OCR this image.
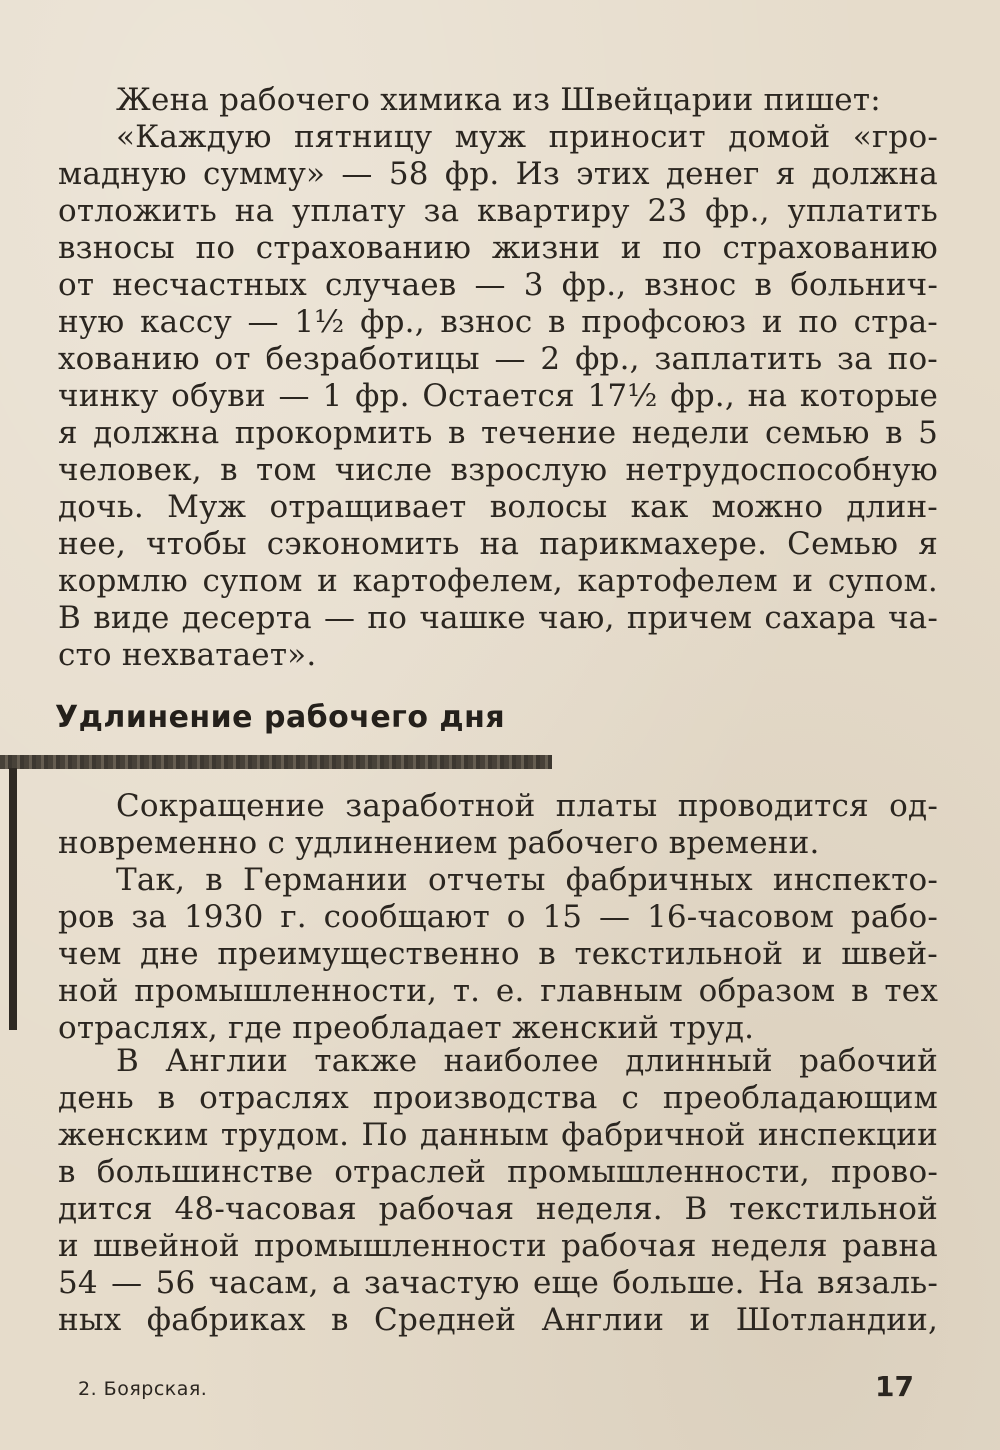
Жена рабочего химика из Швейцарии пишет:
«Каждую пятницу муж приносит домой «гро-
мадную сумму» — 58 фр. Из этих денег я должна
отложить на уплату за квартиру 23 фр., уплатить
взносы по страхованию жизни и по страхованию
от несчастных случаев — 3 фр., взнос в больнич-
ную кассу — 1½ фр., взнос в профсоюз и по стра-
хованию от безработицы — 2 фр., заплатить за по-
чинку обуви — 1 фр. Остается 17½ фр., на которые
я должна прокормить в течение недели семью в 5
человек, в том числе взрослую нетрудоспособную
дочь. Муж отращивает волосы как можно длин-
нее, чтобы сэкономить на парикмахере. Семью я
кормлю супом и картофелем, картофелем и супом.
В виде десерта — по чашке чаю, причем сахара ча-
сто нехватает».
Удлинение рабочего дня
Сокращение заработной платы проводится од-
новременно с удлинением рабочего времени.
Так, в Германии отчеты фабричных инспекто-
ров за 1930 г. сообщают о 15 — 16-часовом рабо-
чем дне преимущественно в текстильной и швей-
ной промышленности, т. е. главным образом в тех
отраслях, где преобладает женский труд.
В Англии также наиболее длинный рабочий
день в отраслях производства с преобладающим
женским трудом. По данным фабричной инспекции
в большинстве отраслей промышленности, прово-
дится 48-часовая рабочая неделя. В текстильной
и швейной промышленности рабочая неделя равна
54 — 56 часам, а зачастую еще больше. На вязаль-
ных фабриках в Средней Англии и Шотландии,
2. Боярская.	17
